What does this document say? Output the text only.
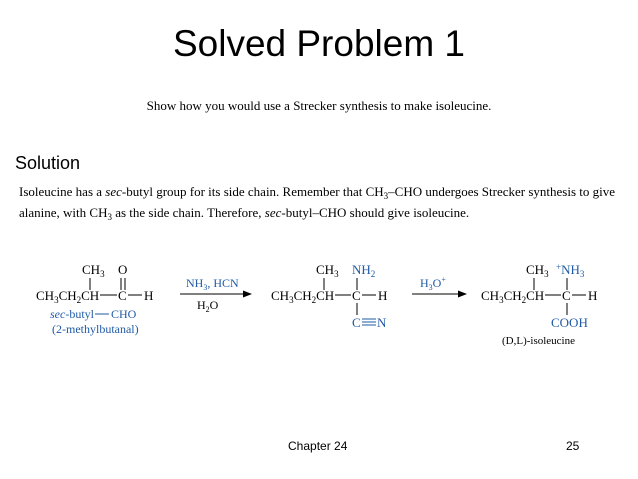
Solved Problem 1
Show how you would use a Strecker synthesis to make isoleucine.
Solution
Isoleucine has a sec-butyl group for its side chain. Remember that $CH_3$–CHO undergoes Strecker synthesis to give alanine, with $CH_3$ as the side chain. Therefore, sec-butyl–CHO should give isoleucine.
$CH_3$ O
$CH_3CH_2CH$ C H
sec-butyl CHO
(2-methylbutanal)
$NH_3$, HCN
$H_2O$
$CH_3$ $NH_2$
$CH_3CH_2CH$ C H
C N
$H_3O^+$
$CH_3$
$^+NH_3$
$CH_3CH_2CH$ C H
COOH
(D,L)-isoleucine
Chapter 24	25
